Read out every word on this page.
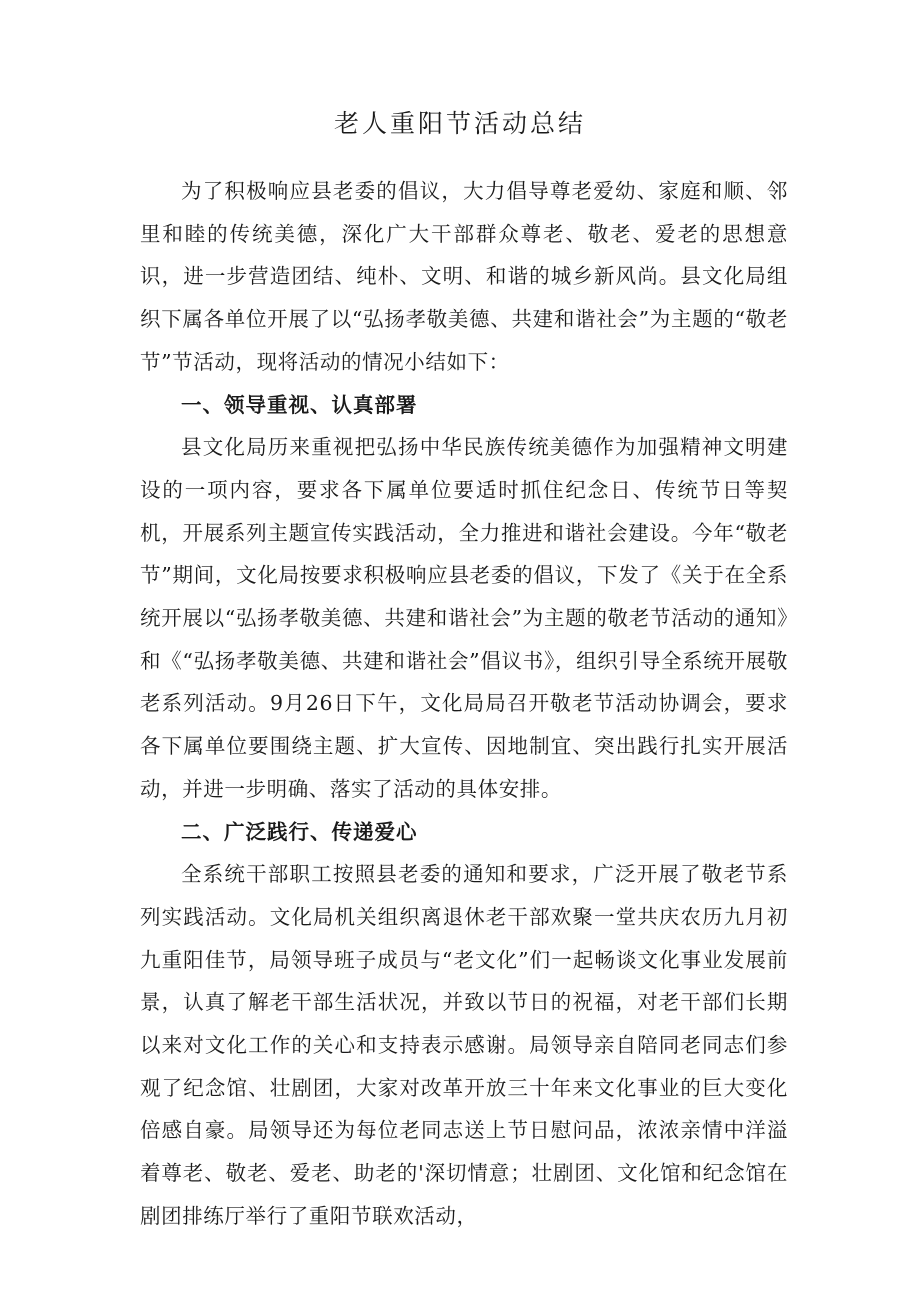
老人重阳节活动总结

为了积极响应县老委的倡议，大力倡导尊老爱幼、家庭和顺、邻里和睦的传统美德，深化广大干部群众尊老、敬老、爱老的思想意识，进一步营造团结、纯朴、文明、和谐的城乡新风尚。县文化局组织下属各单位开展了以“弘扬孝敬美德、共建和谐社会”为主题的“敬老节”节活动，现将活动的情况小结如下：

一、领导重视、认真部署

县文化局历来重视把弘扬中华民族传统美德作为加强精神文明建设的一项内容，要求各下属单位要适时抓住纪念日、传统节日等契机，开展系列主题宣传实践活动，全力推进和谐社会建设。今年“敬老节”期间，文化局按要求积极响应县老委的倡议，下发了《关于在全系统开展以“弘扬孝敬美德、共建和谐社会”为主题的敬老节活动的通知》和《“弘扬孝敬美德、共建和谐社会”倡议书》，组织引导全系统开展敬老系列活动。9月26日下午，文化局局召开敬老节活动协调会，要求各下属单位要围绕主题、扩大宣传、因地制宜、突出践行扎实开展活动，并进一步明确、落实了活动的具体安排。

二、广泛践行、传递爱心

全系统干部职工按照县老委的通知和要求，广泛开展了敬老节系列实践活动。文化局机关组织离退休老干部欢聚一堂共庆农历九月初九重阳佳节，局领导班子成员与“老文化”们一起畅谈文化事业发展前景，认真了解老干部生活状况，并致以节日的祝福，对老干部们长期以来对文化工作的关心和支持表示感谢。局领导亲自陪同老同志们参观了纪念馆、壮剧团，大家对改革开放三十年来文化事业的巨大变化倍感自豪。局领导还为每位老同志送上节日慰问品，浓浓亲情中洋溢着尊老、敬老、爱老、助老的'深切情意；壮剧团、文化馆和纪念馆在剧团排练厅举行了重阳节联欢活动，
